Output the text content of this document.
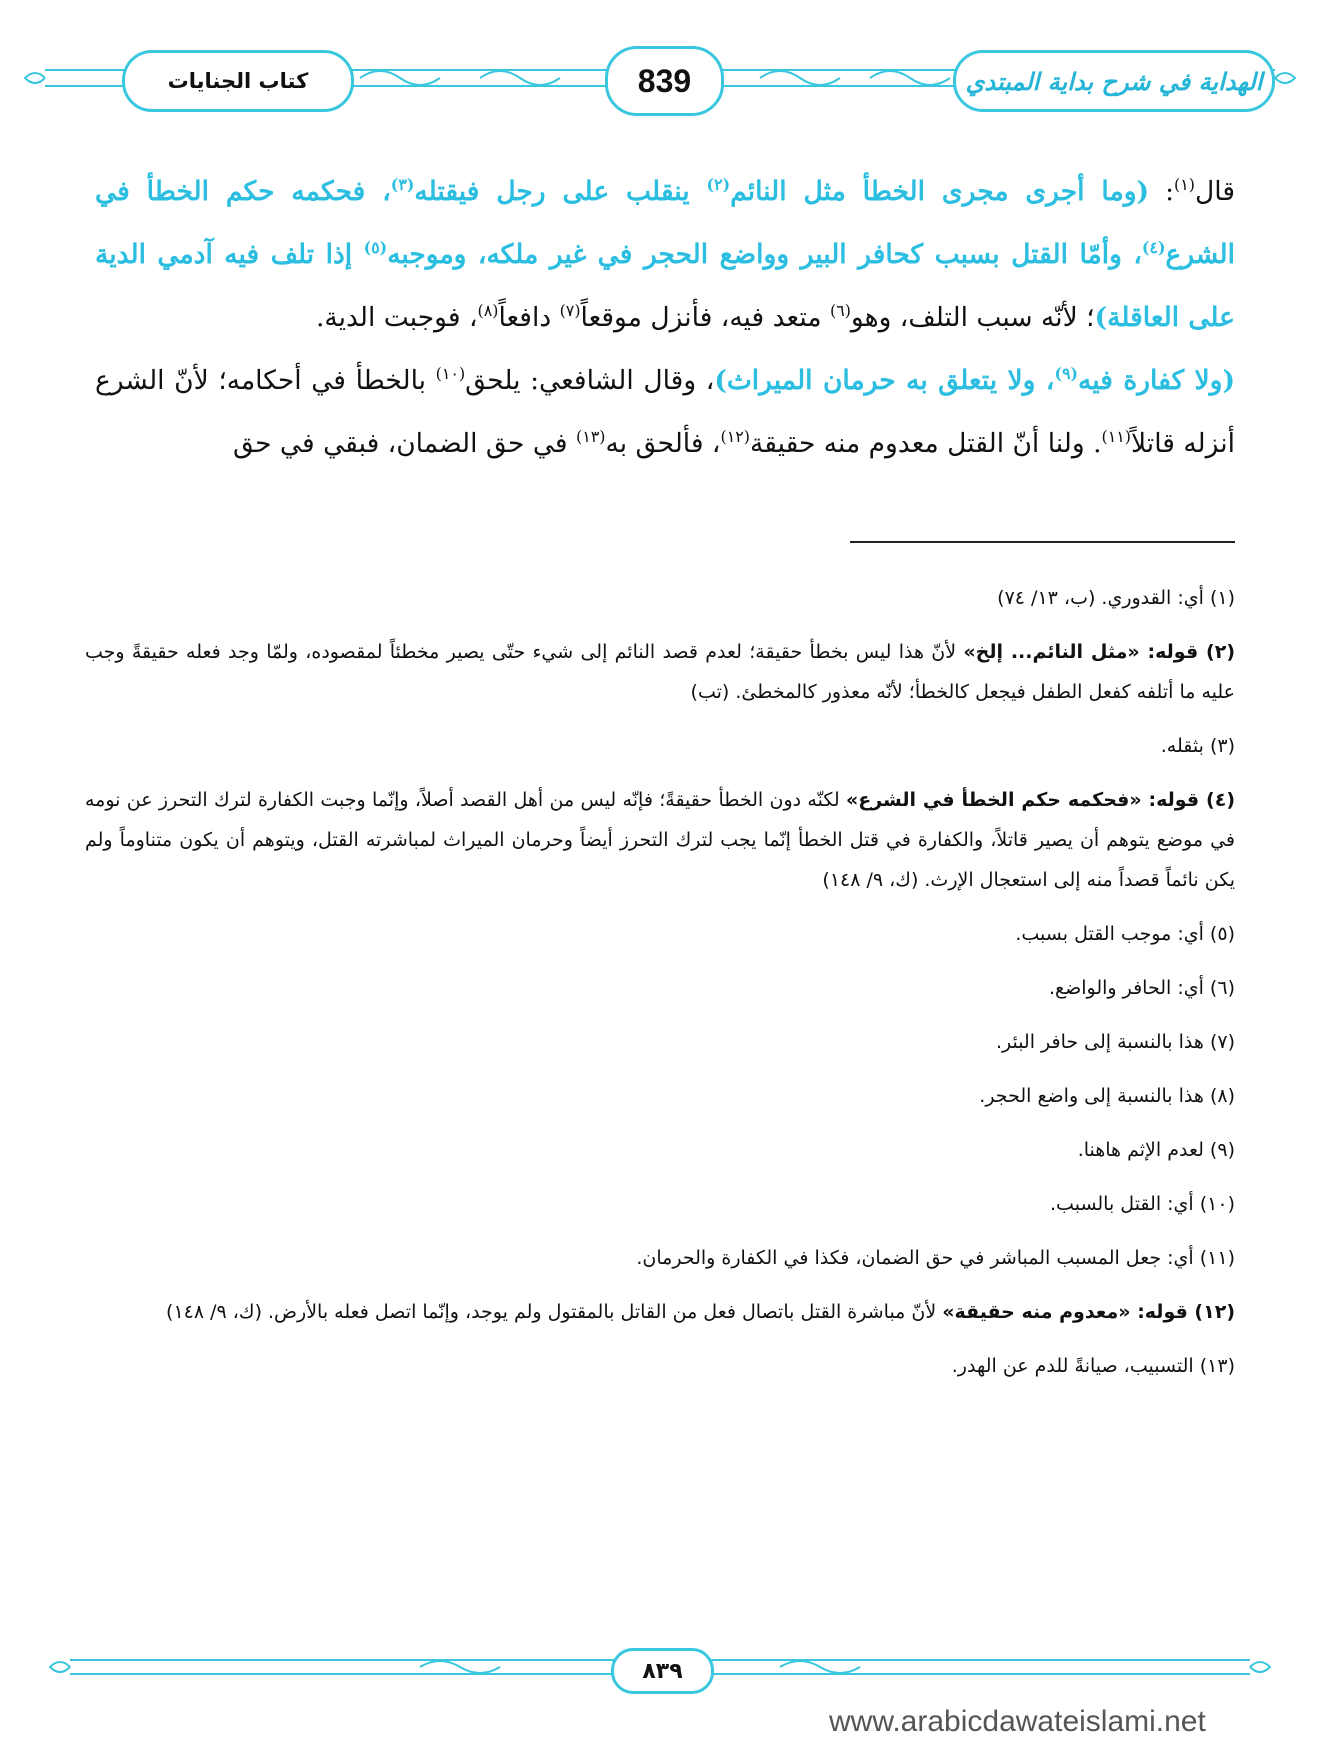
كتاب الجنايات	839	الهداية في شرح بداية المبتدي

قال$^{(١)}$: (وما أجرى مجرى الخطأ مثل النائم$^{(٢)}$ ينقلب على رجل فيقتله$^{(٣)}$، فحكمه حكم الخطأ في الشرع$^{(٤)}$، وأمّا القتل بسبب كحافر البير وواضع الحجر في غير ملكه، وموجبه$^{(٥)}$ إذا تلف فيه آدمي الدية على العاقلة)؛ لأنّه سبب التلف، وهو$^{(٦)}$ متعد فيه، فأنزل موقعاً$^{(٧)}$ دافعاً$^{(٨)}$، فوجبت الدية.

(ولا كفارة فيه$^{(٩)}$، ولا يتعلق به حرمان الميراث)، وقال الشافعي: يلحق$^{(١٠)}$ بالخطأ في أحكامه؛ لأنّ الشرع أنزله قاتلاً$^{(١١)}$. ولنا أنّ القتل معدوم منه حقيقة$^{(١٢)}$، فألحق به$^{(١٣)}$ في حق الضمان، فبقي في حق

(١) أي: القدوري. (ب، ١٣/ ٧٤)

(٢) قوله: «مثل النائم... إلخ» لأنّ هذا ليس بخطأ حقيقة؛ لعدم قصد النائم إلى شيء حتّى يصير مخطئاً لمقصوده، ولمّا وجد فعله حقيقةً وجب عليه ما أتلفه كفعل الطفل فيجعل كالخطأ؛ لأنّه معذور كالمخطئ. (تب)

(٣) بثقله.

(٤) قوله: «فحكمه حكم الخطأ في الشرع» لكنّه دون الخطأ حقيقةً؛ فإنّه ليس من أهل القصد أصلاً، وإنّما وجبت الكفارة لترك التحرز عن نومه في موضع يتوهم أن يصير قاتلاً، والكفارة في قتل الخطأ إنّما يجب لترك التحرز أيضاً وحرمان الميراث لمباشرته القتل، ويتوهم أن يكون متناوماً ولم يكن نائماً قصداً منه إلى استعجال الإرث. (ك، ٩/ ١٤٨)

(٥) أي: موجب القتل بسبب.

(٦) أي: الحافر والواضع.

(٧) هذا بالنسبة إلى حافر البئر.

(٨) هذا بالنسبة إلى واضع الحجر.

(٩) لعدم الإثم هاهنا.

(١٠) أي: القتل بالسبب.

(١١) أي: جعل المسبب المباشر في حق الضمان، فكذا في الكفارة والحرمان.

(١٢) قوله: «معدوم منه حقيقة» لأنّ مباشرة القتل باتصال فعل من القاتل بالمقتول ولم يوجد، وإنّما اتصل فعله بالأرض. (ك، ٩/ ١٤٨)

(١٣) التسبيب، صيانةً للدم عن الهدر.

٨٣٩
www.arabicdawateislami.net
